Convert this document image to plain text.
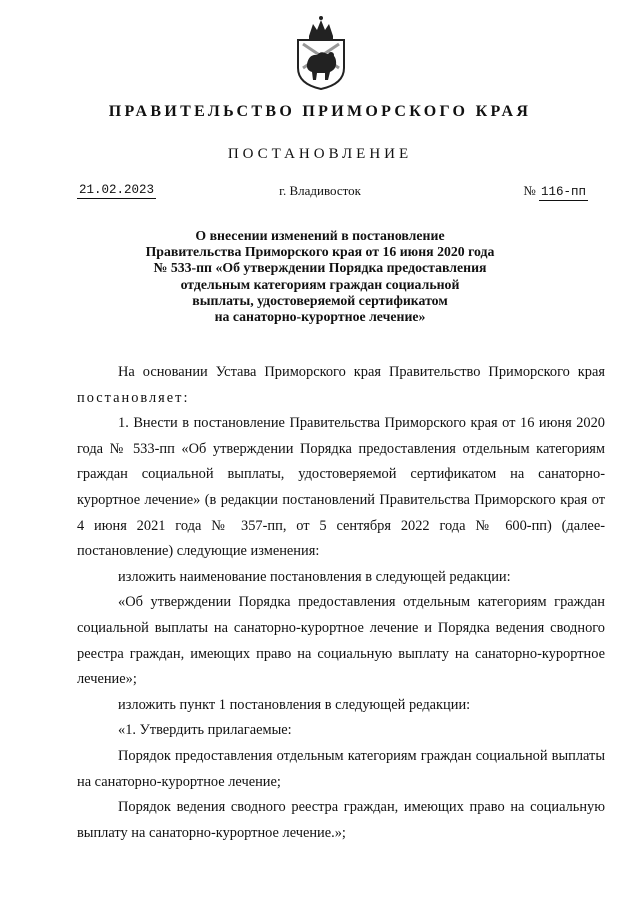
ПРАВИТЕЛЬСТВО ПРИМОРСКОГО КРАЯ
ПОСТАНОВЛЕНИЕ
21.02.2023	г. Владивосток	№ 116-пп
О внесении изменений в постановление
Правительства Приморского края от 16 июня 2020 года
№ 533-пп «Об утверждении Порядка предоставления
отдельным категориям граждан социальной
выплаты, удостоверяемой сертификатом
на санаторно-курортное лечение»

На основании Устава Приморского края Правительство Приморского края постановляет:

1. Внести в постановление Правительства Приморского края от 16 июня 2020 года № 533-пп «Об утверждении Порядка предоставления отдельным категориям граждан социальной выплаты, удостоверяемой сертификатом на санаторно-курортное лечение» (в редакции постановлений Правительства Приморского края от 4 июня 2021 года № 357-пп, от 5 сентября 2022 года № 600-пп) (далее- постановление) следующие изменения:

изложить наименование постановления в следующей редакции:

«Об утверждении Порядка предоставления отдельным категориям граждан социальной выплаты на санаторно-курортное лечение и Порядка ведения сводного реестра граждан, имеющих право на социальную выплату на санаторно-курортное лечение»;

изложить пункт 1 постановления в следующей редакции:

«1. Утвердить прилагаемые:

Порядок предоставления отдельным категориям граждан социальной выплаты на санаторно-курортное лечение;

Порядок ведения сводного реестра граждан, имеющих право на социальную выплату на санаторно-курортное лечение.»;
